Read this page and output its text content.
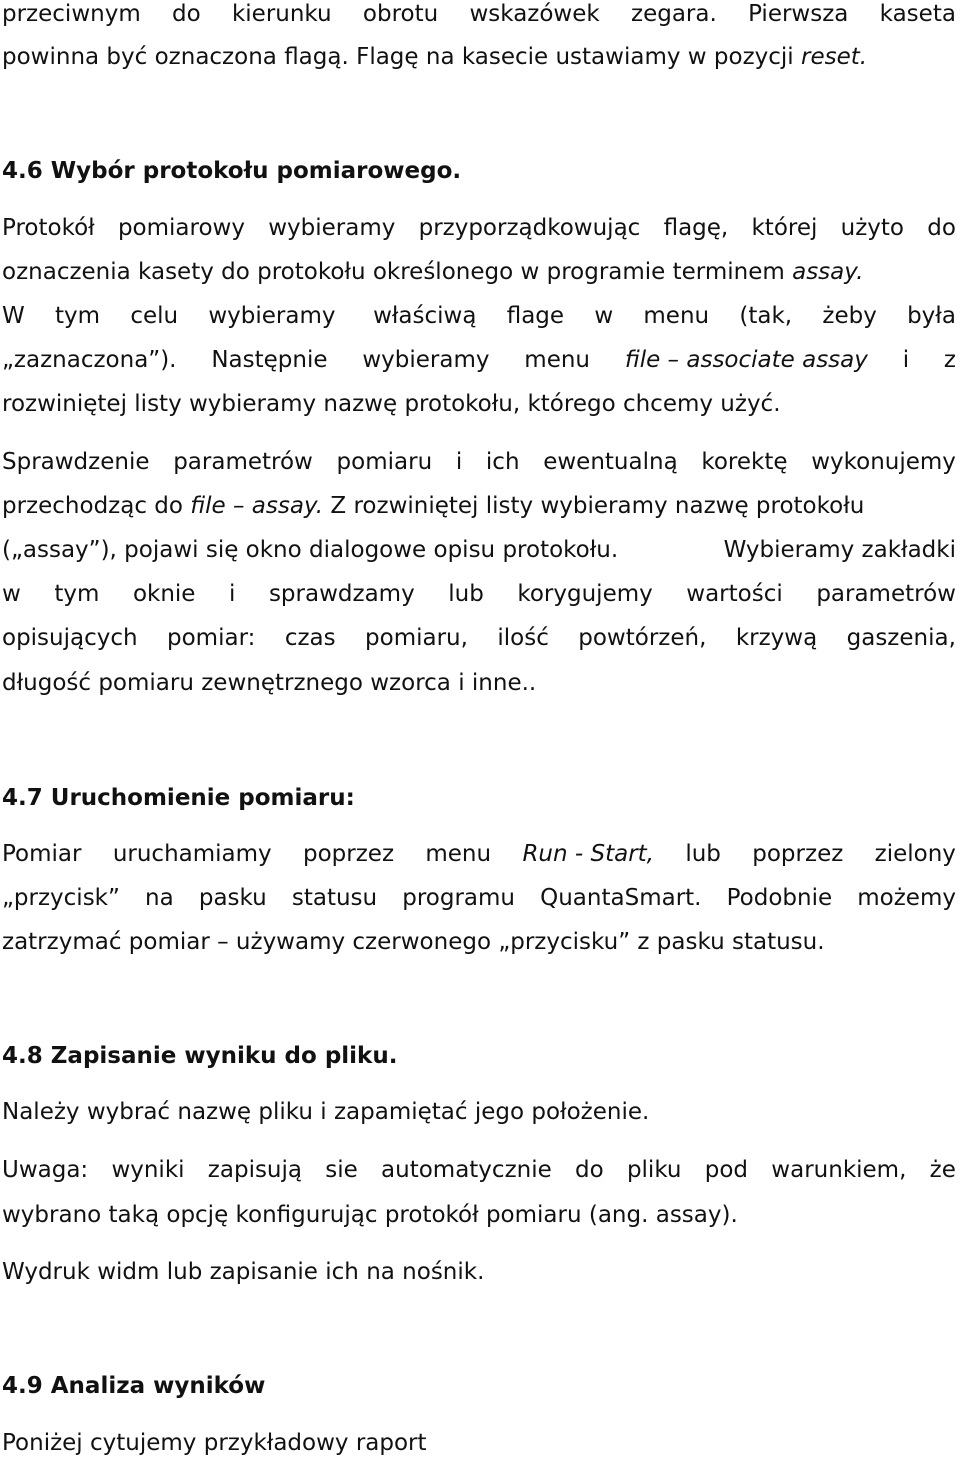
przeciwnym do kierunku obrotu wskazówek zegara. Pierwsza kaseta
powinna być oznaczona flagą. Flagę na kasecie ustawiamy w pozycji reset.
4.6 Wybór protokołu pomiarowego.
Protokół pomiarowy wybieramy przyporządkowując flagę, której użyto do
oznaczenia kasety do protokołu określonego w programie terminem assay.
W tym celu wybieramy właściwą flage w menu (tak, żeby była
„zaznaczona”). Następnie wybieramy menu file – associate assay i z
rozwiniętej listy wybieramy nazwę protokołu, którego chcemy użyć.
Sprawdzenie parametrów pomiaru i ich ewentualną korektę wykonujemy
przechodząc do file – assay. Z rozwiniętej listy wybieramy nazwę protokołu
(„assay”), pojawi się okno dialogowe opisu protokołu.	Wybieramy zakładki
w tym oknie i sprawdzamy lub korygujemy wartości parametrów
opisujących pomiar: czas pomiaru, ilość powtórzeń, krzywą gaszenia,
długość pomiaru zewnętrznego wzorca i inne..
4.7 Uruchomienie pomiaru:
Pomiar uruchamiamy poprzez menu Run - Start, lub poprzez zielony
„przycisk” na pasku statusu programu QuantaSmart. Podobnie możemy
zatrzymać pomiar – używamy czerwonego „przycisku” z pasku statusu.
4.8 Zapisanie wyniku do pliku.
Należy wybrać nazwę pliku i zapamiętać jego położenie.
Uwaga: wyniki zapisują sie automatycznie do pliku pod warunkiem, że
wybrano taką opcję konfigurując protokół pomiaru (ang. assay).
Wydruk widm lub zapisanie ich na nośnik.
4.9 Analiza wyników
Poniżej cytujemy przykładowy raport
